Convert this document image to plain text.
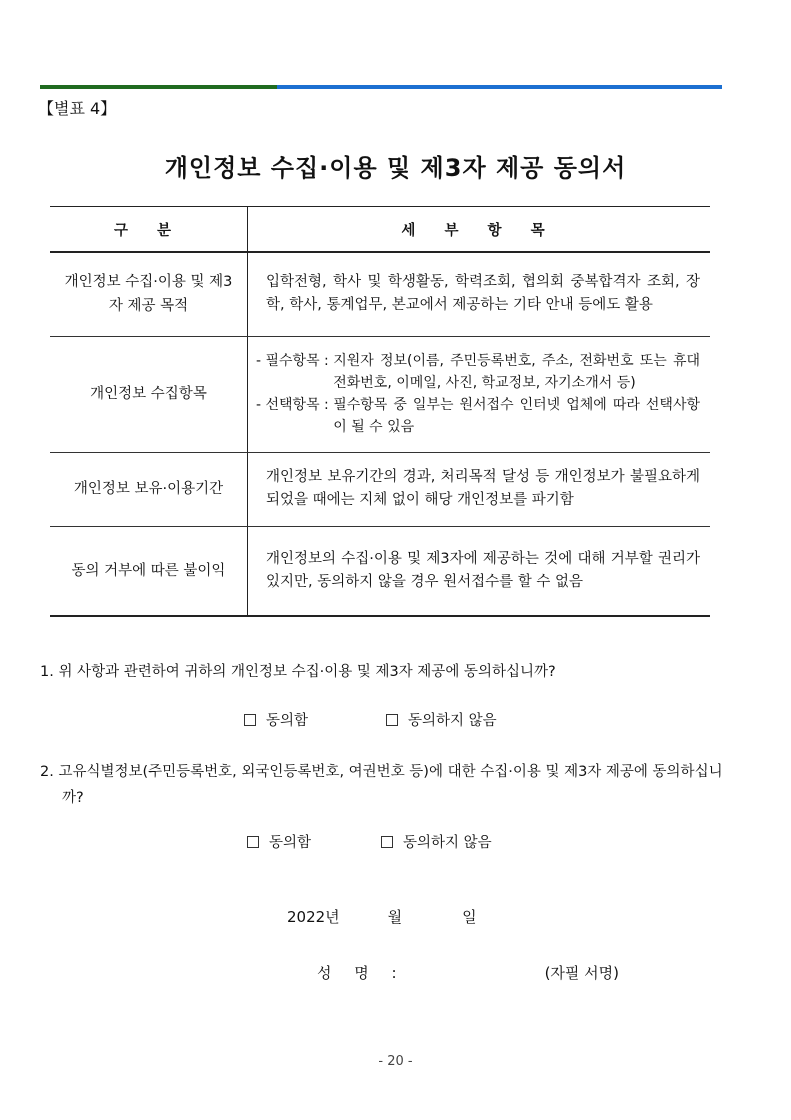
【별표 4】
개인정보 수집·이용 및 제3자 제공 동의서
구 분	세 부 항 목

개인정보 수집·이용 및 제3자 제공 목적	입학전형, 학사 및 학생활동, 학력조회, 협의회 중복합격자 조회, 장학, 학사, 통계업무, 본교에서 제공하는 기타 안내 등에도 활용
개인정보 수집항목	- 필수항목 : 지원자 정보(이름, 주민등록번호, 주소, 전화번호 또는 휴대전화번호, 이메일, 사진, 학교정보, 자기소개서 등)
- 선택항목 : 필수항목 중 일부는 원서접수 인터넷 업체에 따라 선택사항이 될 수 있음

개인정보 보유·이용기간	개인정보 보유기간의 경과, 처리목적 달성 등 개인정보가 불필요하게 되었을 때에는 지체 없이 해당 개인정보를 파기함
동의 거부에 따른 불이익	개인정보의 수집·이용 및 제3자에 제공하는 것에 대해 거부할 권리가 있지만, 동의하지 않을 경우 원서접수를 할 수 없음
1. 위 사항과 관련하여 귀하의 개인정보 수집·이용 및 제3자 제공에 동의하십니까?
동의함	동의하지 않음
2. 고유식별정보(주민등록번호, 외국인등록번호, 여권번호 등)에 대한 수집·이용 및 제3자 제공에 동의하십니까?
동의함	동의하지 않음
2022년	월	일
성 명 :	(자필 서명)
- 20 -
